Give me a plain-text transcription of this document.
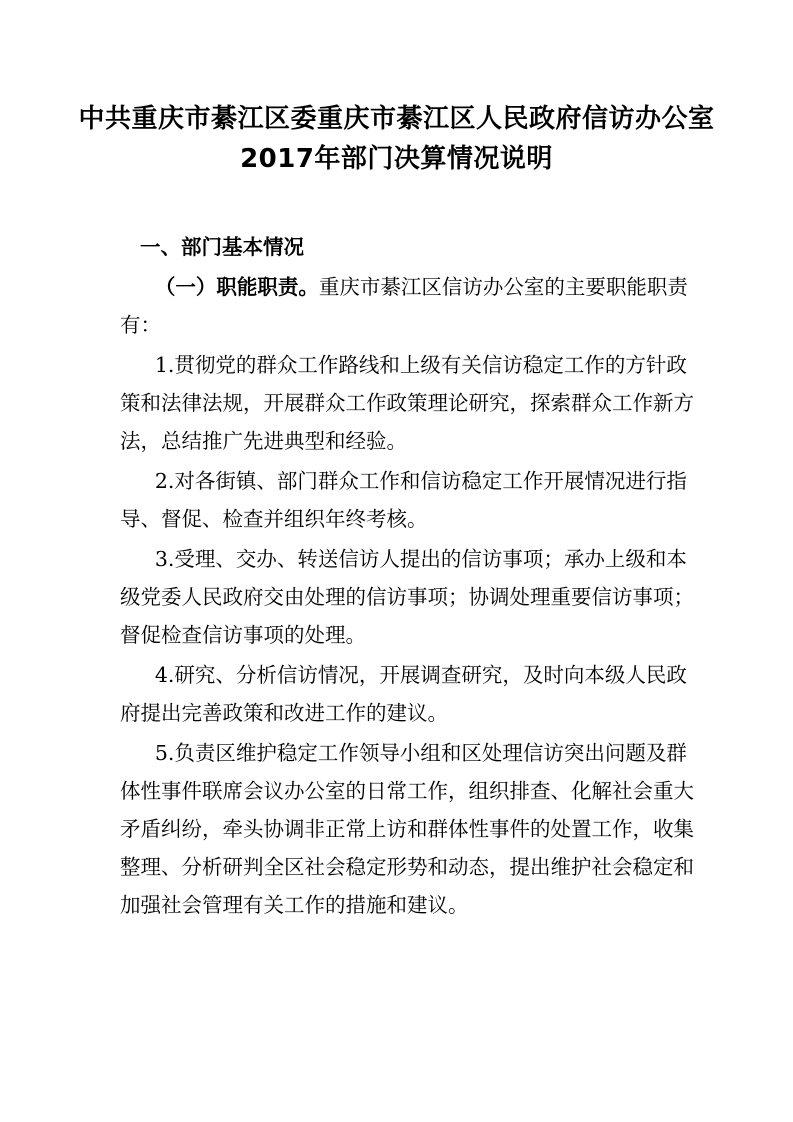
中共重庆市綦江区委重庆市綦江区人民政府信访办公室
2017年部门决算情况说明

一、部门基本情况

（一）职能职责。重庆市綦江区信访办公室的主要职能职责有：

1.贯彻党的群众工作路线和上级有关信访稳定工作的方针政策和法律法规，开展群众工作政策理论研究，探索群众工作新方法，总结推广先进典型和经验。

2.对各街镇、部门群众工作和信访稳定工作开展情况进行指导、督促、检查并组织年终考核。

3.受理、交办、转送信访人提出的信访事项；承办上级和本级党委人民政府交由处理的信访事项；协调处理重要信访事项；督促检查信访事项的处理。

4.研究、分析信访情况，开展调查研究，及时向本级人民政府提出完善政策和改进工作的建议。

5.负责区维护稳定工作领导小组和区处理信访突出问题及群体性事件联席会议办公室的日常工作，组织排查、化解社会重大矛盾纠纷，牵头协调非正常上访和群体性事件的处置工作，收集整理、分析研判全区社会稳定形势和动态，提出维护社会稳定和加强社会管理有关工作的措施和建议。
